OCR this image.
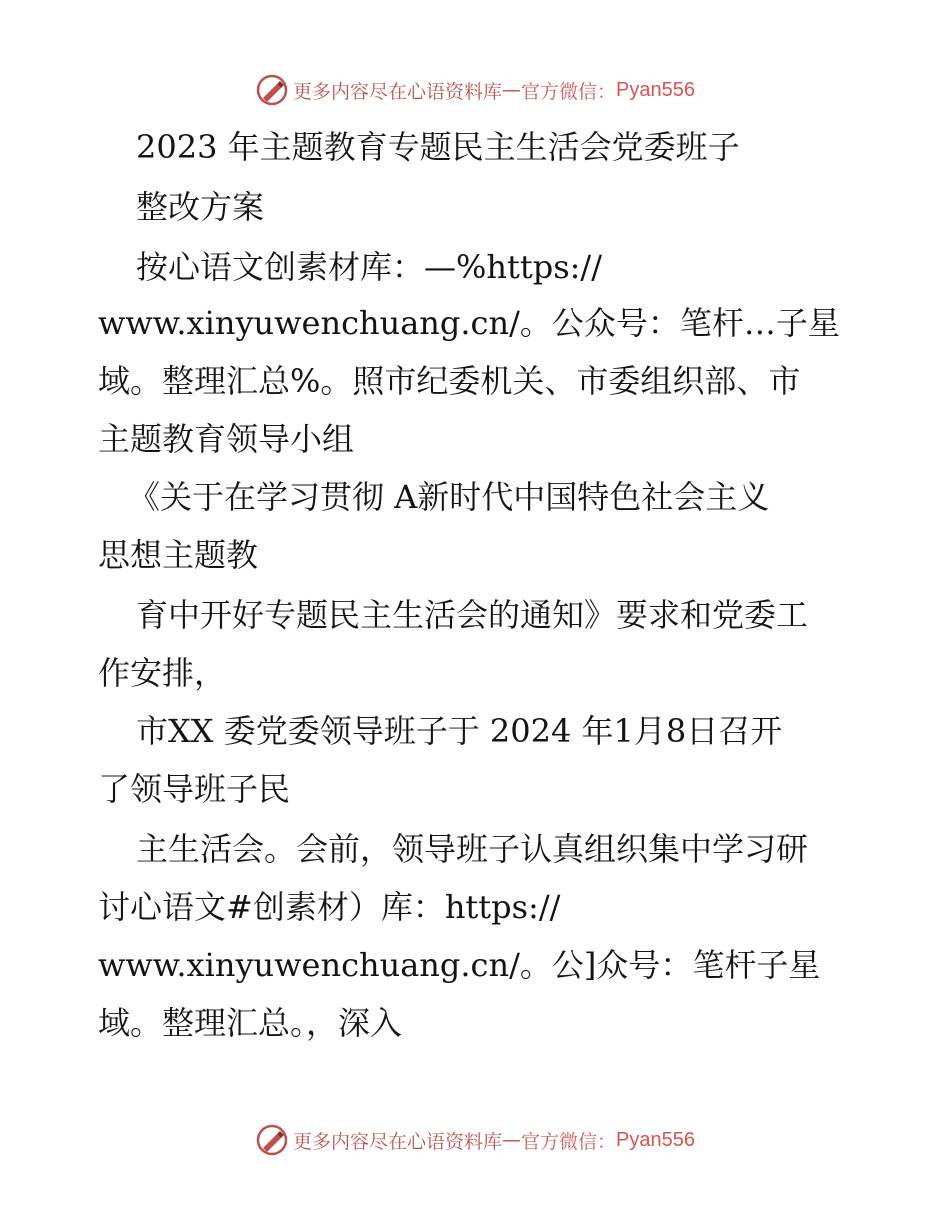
更多内容尽在心语资料库 — 官方微信： Pyan556
2023 年主题教育专题民主生活会党委班子
整改方案
按心语文创素材库：—%https://
www.xinyuwenchuang.cn/。公众号：笔杆…子星
域。整理汇总%。照市纪委机关、市委组织部、市
主题教育领导小组
《关于在学习贯彻 A新时代中国特色社会主义
思想主题教
育中开好专题民主生活会的通知》要求和党委工
作安排，
市XX 委党委领导班子于 2024 年1月8日召开
了领导班子民
主生活会。会前，领导班子认真组织集中学习研
讨心语文#创素材）库：https://
www.xinyuwenchuang.cn/。公]众号：笔杆子星
域。整理汇总。，深入
更多内容尽在心语资料库 — 官方微信： Pyan556
